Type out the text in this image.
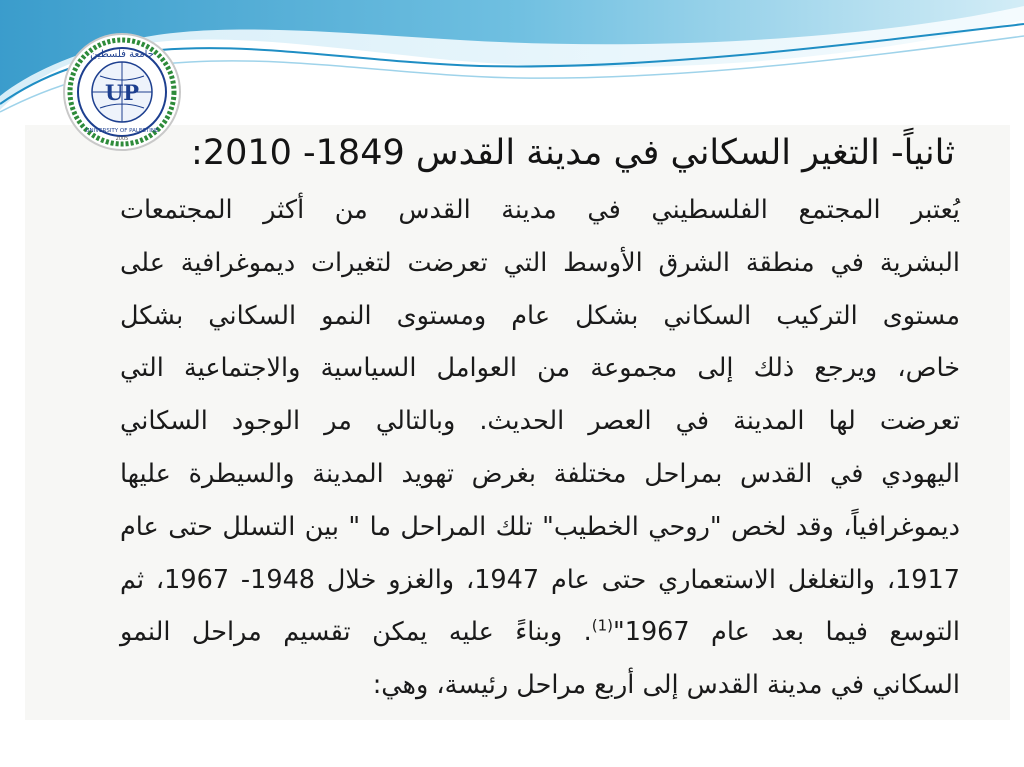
UP
جامعة فلسطين
UNIVERSITY OF PALESTINE
2005	ثانياً- التغير السكاني في مدينة القدس 1849- 2010:
يُعتبر المجتمع الفلسطيني في مدينة القدس من أكثر المجتمعات
البشرية في منطقة الشرق الأوسط التي تعرضت لتغيرات ديموغرافية على
مستوى التركيب السكاني بشكل عام ومستوى النمو السكاني بشكل
خاص، ويرجع ذلك إلى مجموعة من العوامل السياسية والاجتماعية التي
تعرضت لها المدينة في العصر الحديث. وبالتالي مر الوجود السكاني
اليهودي في القدس بمراحل مختلفة بغرض تهويد المدينة والسيطرة عليها
ديموغرافياً، وقد لخص "روحي الخطيب" تلك المراحل ما " بين التسلل حتى عام
1917، والتغلغل الاستعماري حتى عام 1947، والغزو خلال 1948- 1967، ثم
التوسع فيما بعد عام 1967"$^{(1)}$. وبناءً عليه يمكن تقسيم مراحل النمو
السكاني في مدينة القدس إلى أربع مراحل رئيسة، وهي:
